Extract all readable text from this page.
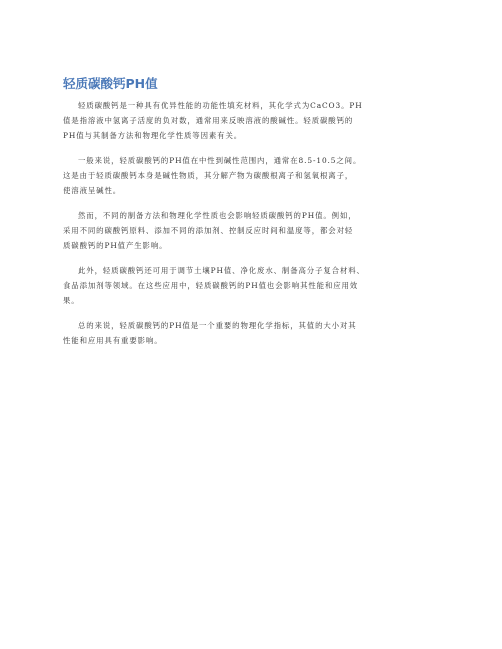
轻质碳酸钙PH值

轻质碳酸钙是一种具有优异性能的功能性填充材料，其化学式为CaCO3。PH
值是指溶液中氢离子活度的负对数，通常用来反映溶液的酸碱性。轻质碳酸钙的
PH值与其制备方法和物理化学性质等因素有关。

一般来说，轻质碳酸钙的PH值在中性到碱性范围内，通常在8.5-10.5之间。
这是由于轻质碳酸钙本身是碱性物质，其分解产物为碳酸根离子和氢氧根离子，
使溶液呈碱性。

然而，不同的制备方法和物理化学性质也会影响轻质碳酸钙的PH值。例如，
采用不同的碳酸钙原料、添加不同的添加剂、控制反应时间和温度等，都会对轻
质碳酸钙的PH值产生影响。

此外，轻质碳酸钙还可用于调节土壤PH值、净化废水、制备高分子复合材料、
食品添加剂等领域。在这些应用中，轻质碳酸钙的PH值也会影响其性能和应用效
果。

总的来说，轻质碳酸钙的PH值是一个重要的物理化学指标，其值的大小对其
性能和应用具有重要影响。
